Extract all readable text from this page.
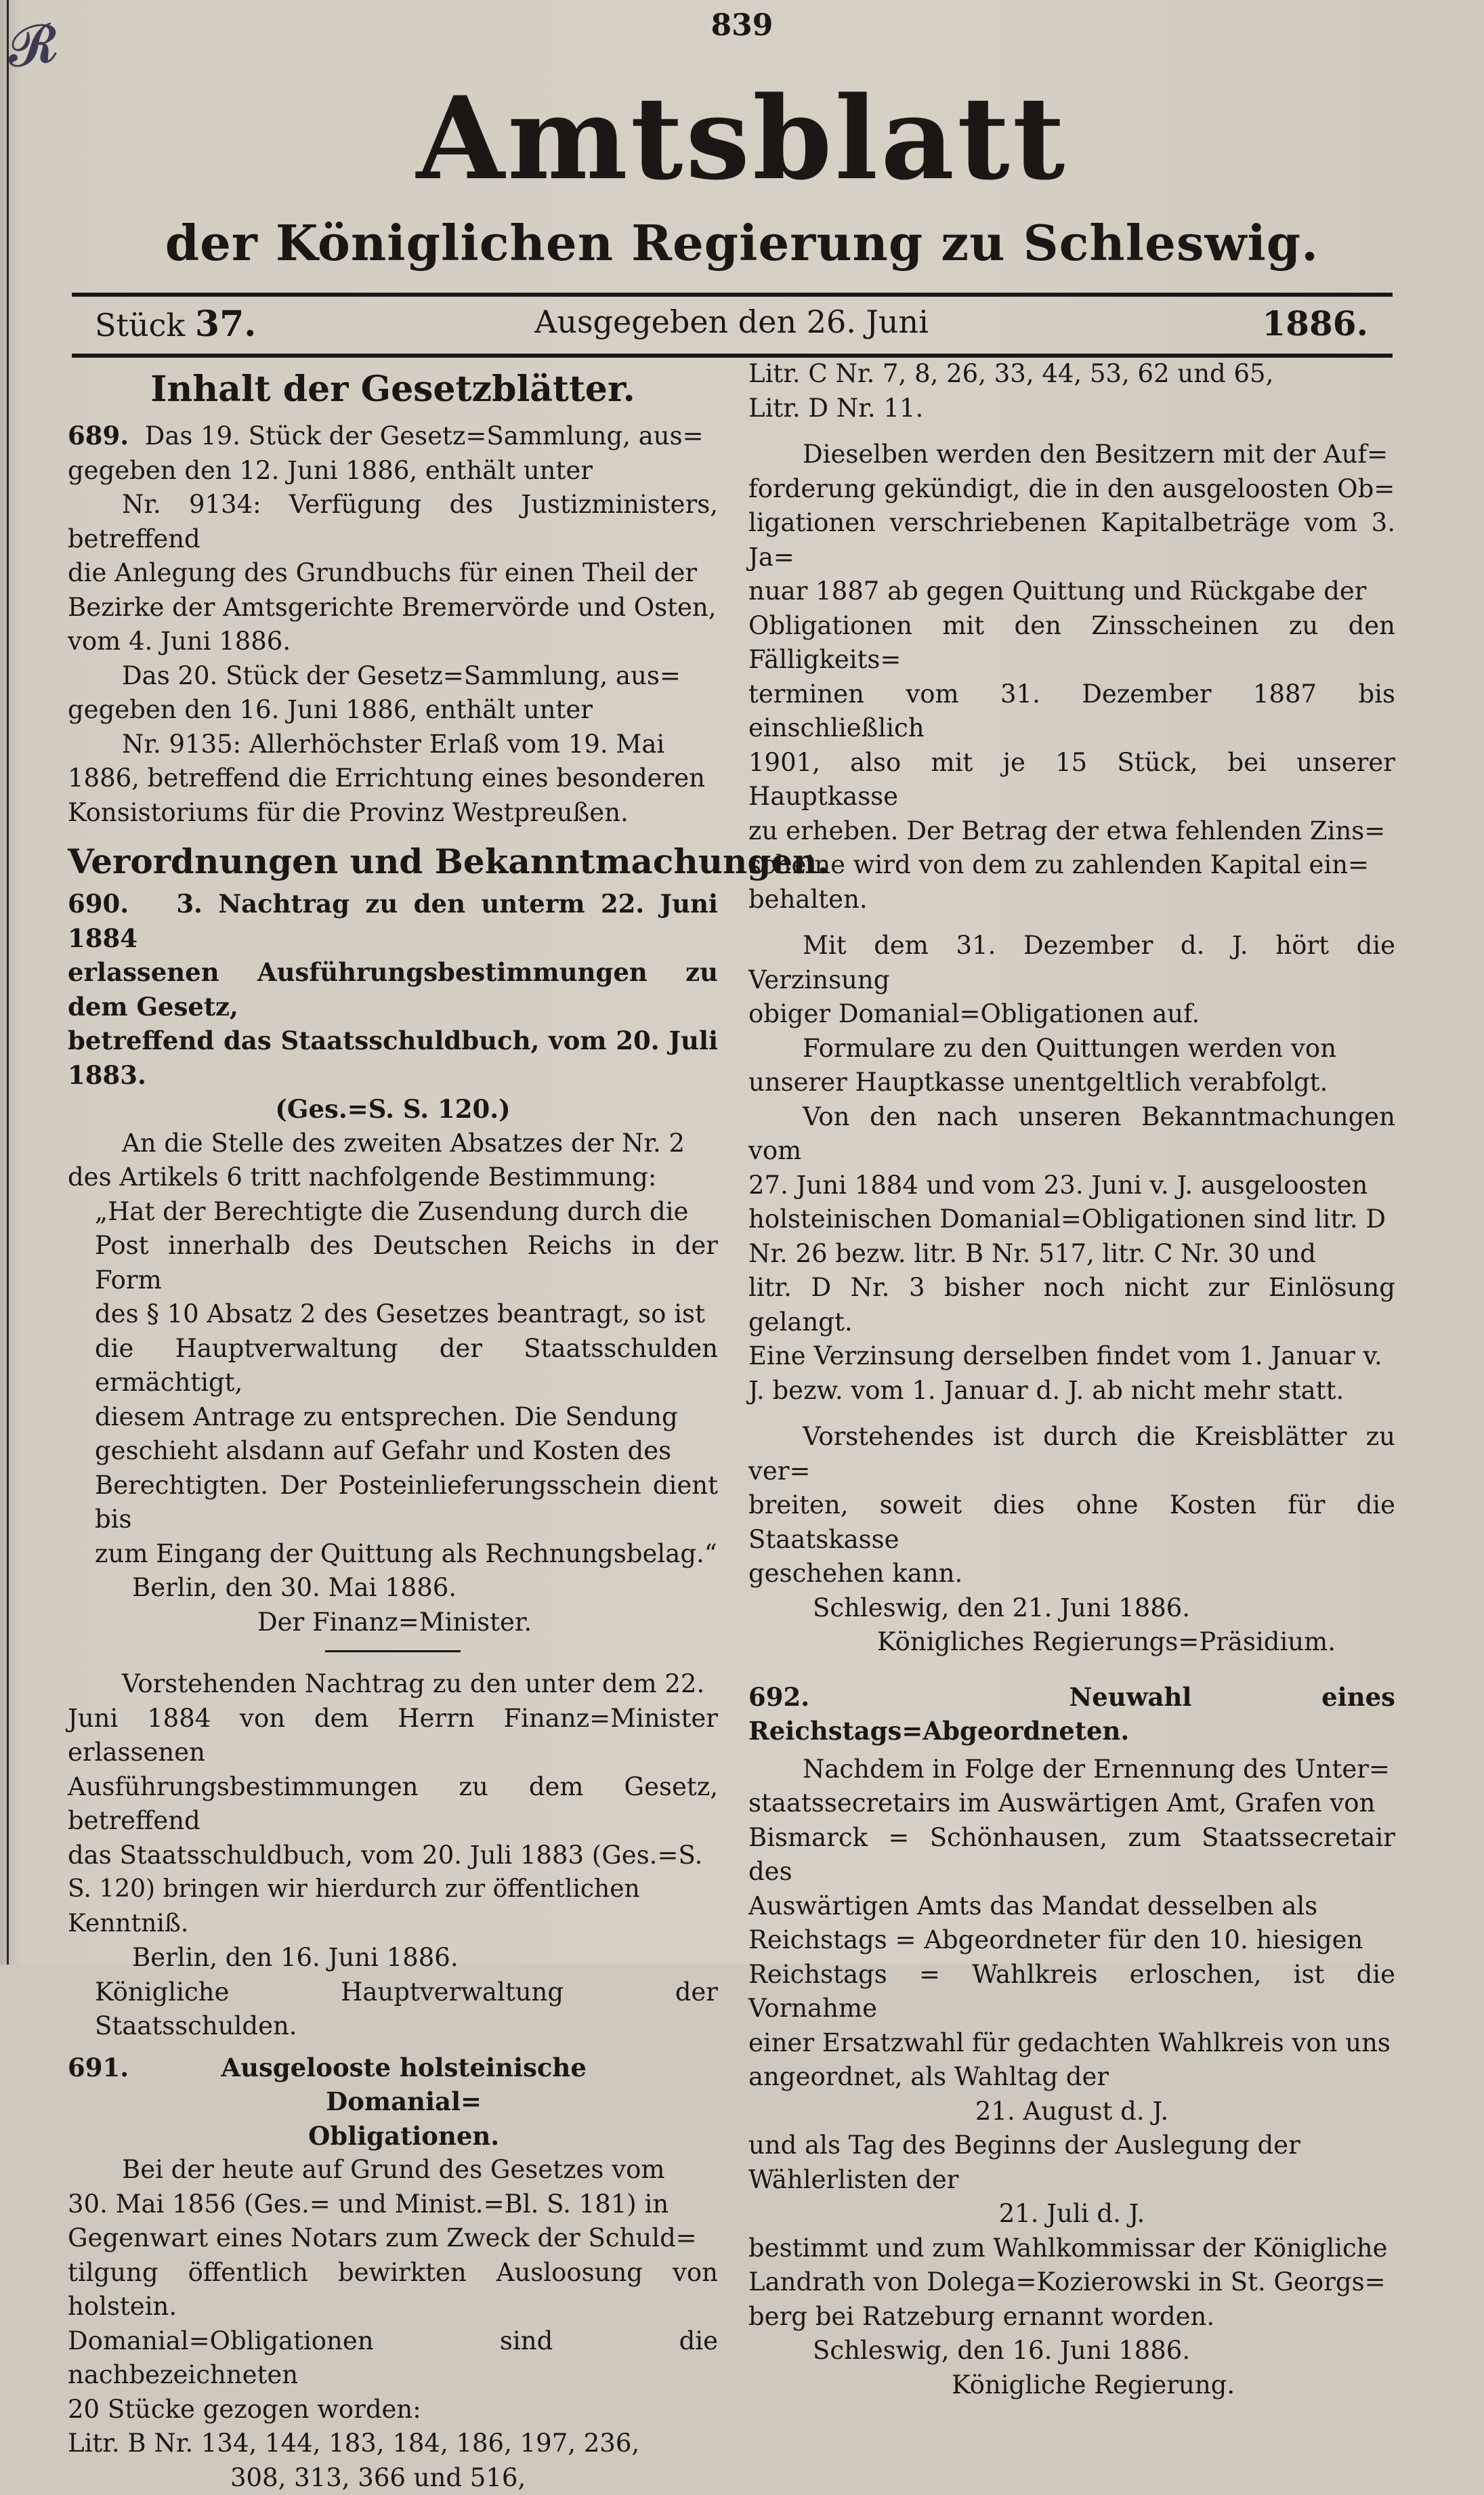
𝓡	839
Amtsblatt
der Königlichen Regierung zu Schleswig.
Stück 37.	Ausgegeben den 26. Juni	1886.
Inhalt der Gesetzblätter.

689. Das 19. Stück der Gesetz=Sammlung, aus=

gegeben den 12. Juni 1886, enthält unter

Nr. 9134: Verfügung des Justizministers, betreffend

die Anlegung des Grundbuchs für einen Theil der

Bezirke der Amtsgerichte Bremervörde und Osten,

vom 4. Juni 1886.

Das 20. Stück der Gesetz=Sammlung, aus=

gegeben den 16. Juni 1886, enthält unter

Nr. 9135: Allerhöchster Erlaß vom 19. Mai

1886, betreffend die Errichtung eines besonderen

Konsistoriums für die Provinz Westpreußen.

Verordnungen und Bekanntmachungen.

690. 3. Nachtrag zu den unterm 22. Juni 1884

erlassenen Ausführungsbestimmungen zu dem Gesetz,

betreffend das Staatsschuldbuch, vom 20. Juli 1883.

(Ges.=S. S. 120.)

An die Stelle des zweiten Absatzes der Nr. 2

des Artikels 6 tritt nachfolgende Bestimmung:

„Hat der Berechtigte die Zusendung durch die

Post innerhalb des Deutschen Reichs in der Form

des § 10 Absatz 2 des Gesetzes beantragt, so ist

die Hauptverwaltung der Staatsschulden ermächtigt,

diesem Antrage zu entsprechen. Die Sendung

geschieht alsdann auf Gefahr und Kosten des

Berechtigten. Der Posteinlieferungsschein dient bis

zum Eingang der Quittung als Rechnungsbelag.“

Berlin, den 30. Mai 1886.

Der Finanz=Minister.

Vorstehenden Nachtrag zu den unter dem 22.

Juni 1884 von dem Herrn Finanz=Minister erlassenen

Ausführungsbestimmungen zu dem Gesetz, betreffend

das Staatsschuldbuch, vom 20. Juli 1883 (Ges.=S.

S. 120) bringen wir hierdurch zur öffentlichen Kenntniß.

Berlin, den 16. Juni 1886.

Königliche Hauptverwaltung der Staatsschulden.

691.	Ausgelooste holsteinische Domanial=
Obligationen.

Bei der heute auf Grund des Gesetzes vom

30. Mai 1856 (Ges.= und Minist.=Bl. S. 181) in

Gegenwart eines Notars zum Zweck der Schuld=

tilgung öffentlich bewirkten Ausloosung von holstein.

Domanial=Obligationen sind die nachbezeichneten

20 Stücke gezogen worden:

Litr. B Nr. 134, 144, 183, 184, 186, 197, 236,

308, 313, 366 und 516,

Litr. C Nr. 7, 8, 26, 33, 44, 53, 62 und 65,

Litr. D Nr. 11.

Dieselben werden den Besitzern mit der Auf=

forderung gekündigt, die in den ausgeloosten Ob=

ligationen verschriebenen Kapitalbeträge vom 3. Ja=

nuar 1887 ab gegen Quittung und Rückgabe der

Obligationen mit den Zinsscheinen zu den Fälligkeits=

terminen vom 31. Dezember 1887 bis einschließlich

1901, also mit je 15 Stück, bei unserer Hauptkasse

zu erheben. Der Betrag der etwa fehlenden Zins=

scheine wird von dem zu zahlenden Kapital ein=

behalten.

Mit dem 31. Dezember d. J. hört die Verzinsung

obiger Domanial=Obligationen auf.

Formulare zu den Quittungen werden von

unserer Hauptkasse unentgeltlich verabfolgt.

Von den nach unseren Bekanntmachungen vom

27. Juni 1884 und vom 23. Juni v. J. ausgeloosten

holsteinischen Domanial=Obligationen sind litr. D

Nr. 26 bezw. litr. B Nr. 517, litr. C Nr. 30 und

litr. D Nr. 3 bisher noch nicht zur Einlösung gelangt.

Eine Verzinsung derselben findet vom 1. Januar v.

J. bezw. vom 1. Januar d. J. ab nicht mehr statt.

Vorstehendes ist durch die Kreisblätter zu ver=

breiten, soweit dies ohne Kosten für die Staatskasse

geschehen kann.

Schleswig, den 21. Juni 1886.

Königliches Regierungs=Präsidium.

692.	Neuwahl eines Reichstags=Abgeordneten.

Nachdem in Folge der Ernennung des Unter=

staatssecretairs im Auswärtigen Amt, Grafen von

Bismarck = Schönhausen, zum Staatssecretair des

Auswärtigen Amts das Mandat desselben als

Reichstags = Abgeordneter für den 10. hiesigen

Reichstags = Wahlkreis erloschen, ist die Vornahme

einer Ersatzwahl für gedachten Wahlkreis von uns

angeordnet, als Wahltag der

21. August d. J.

und als Tag des Beginns der Auslegung der

Wählerlisten der

21. Juli d. J.

bestimmt und zum Wahlkommissar der Königliche

Landrath von Dolega=Kozierowski in St. Georgs=

berg bei Ratzeburg ernannt worden.

Schleswig, den 16. Juni 1886.

Königliche Regierung.
